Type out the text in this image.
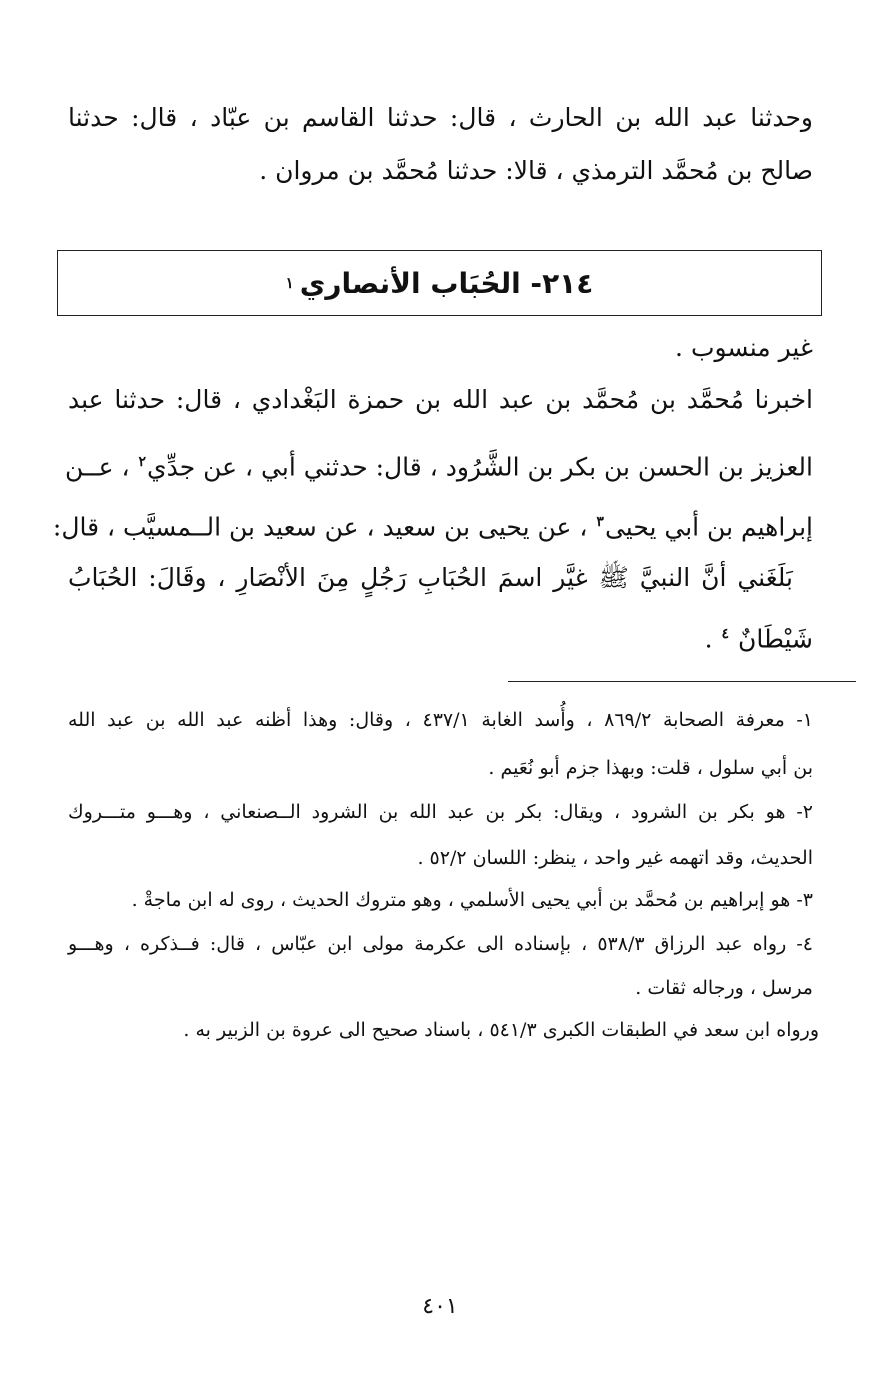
وحدثنا عبد الله بن الحارث ، قال: حدثنا القاسم بن عبّاد ، قال: حدثنا
صالح بن مُحمَّد الترمذي ، قالا: حدثنا مُحمَّد بن مروان .
٢١٤- الحُبَاب الأنصاري
١
غير منسوب .
اخبرنا مُحمَّد بن مُحمَّد بن عبد الله بن حمزة البَغْدادي ، قال: حدثنا عبد
العزيز بن الحسن بن بكر بن الشَّرُود ، قال: حدثني أبي ، عن جدِّي$^٢$ ، عــن
إبراهيم بن أبي يحيى$^٣$ ، عن يحيى بن سعيد ، عن سعيد بن الــمسيَّب ، قال:
بَلَغَني أنَّ النبيَّ ﷺ غيَّر اسمَ الحُبَابِ رَجُلٍ مِنَ الأنْصَارِ ، وقَالَ: الحُبَابُ
شَيْطَانٌ $^٤$ .
١- معرفة الصحابة ٨٦٩/٢ ، وأُسد الغابة ٤٣٧/١ ، وقال: وهذا أظنه عبد الله بن عبد الله
بن أبي سلول ، قلت: وبهذا جزم أبو نُعَيم .
٢- هو بكر بن الشرود ، ويقال: بكر بن عبد الله بن الشرود الــصنعاني ، وهـــو متـــروك
الحديث، وقد اتهمه غير واحد ، ينظر: اللسان ٥٢/٢ .
٣- هو إبراهيم بن مُحمَّد بن أبي يحيى الأسلمي ، وهو متروك الحديث ، روى له ابن ماجةْ .
٤- رواه عبد الرزاق ٥٣٨/٣ ، بإسناده الى عكرمة مولى ابن عبّاس ، قال: فــذكره ، وهـــو
مرسل ، ورجاله ثقات .
ورواه ابن سعد في الطبقات الكبرى ٥٤١/٣ ، باسناد صحيح الى عروة بن الزبير به .
٤٠١
